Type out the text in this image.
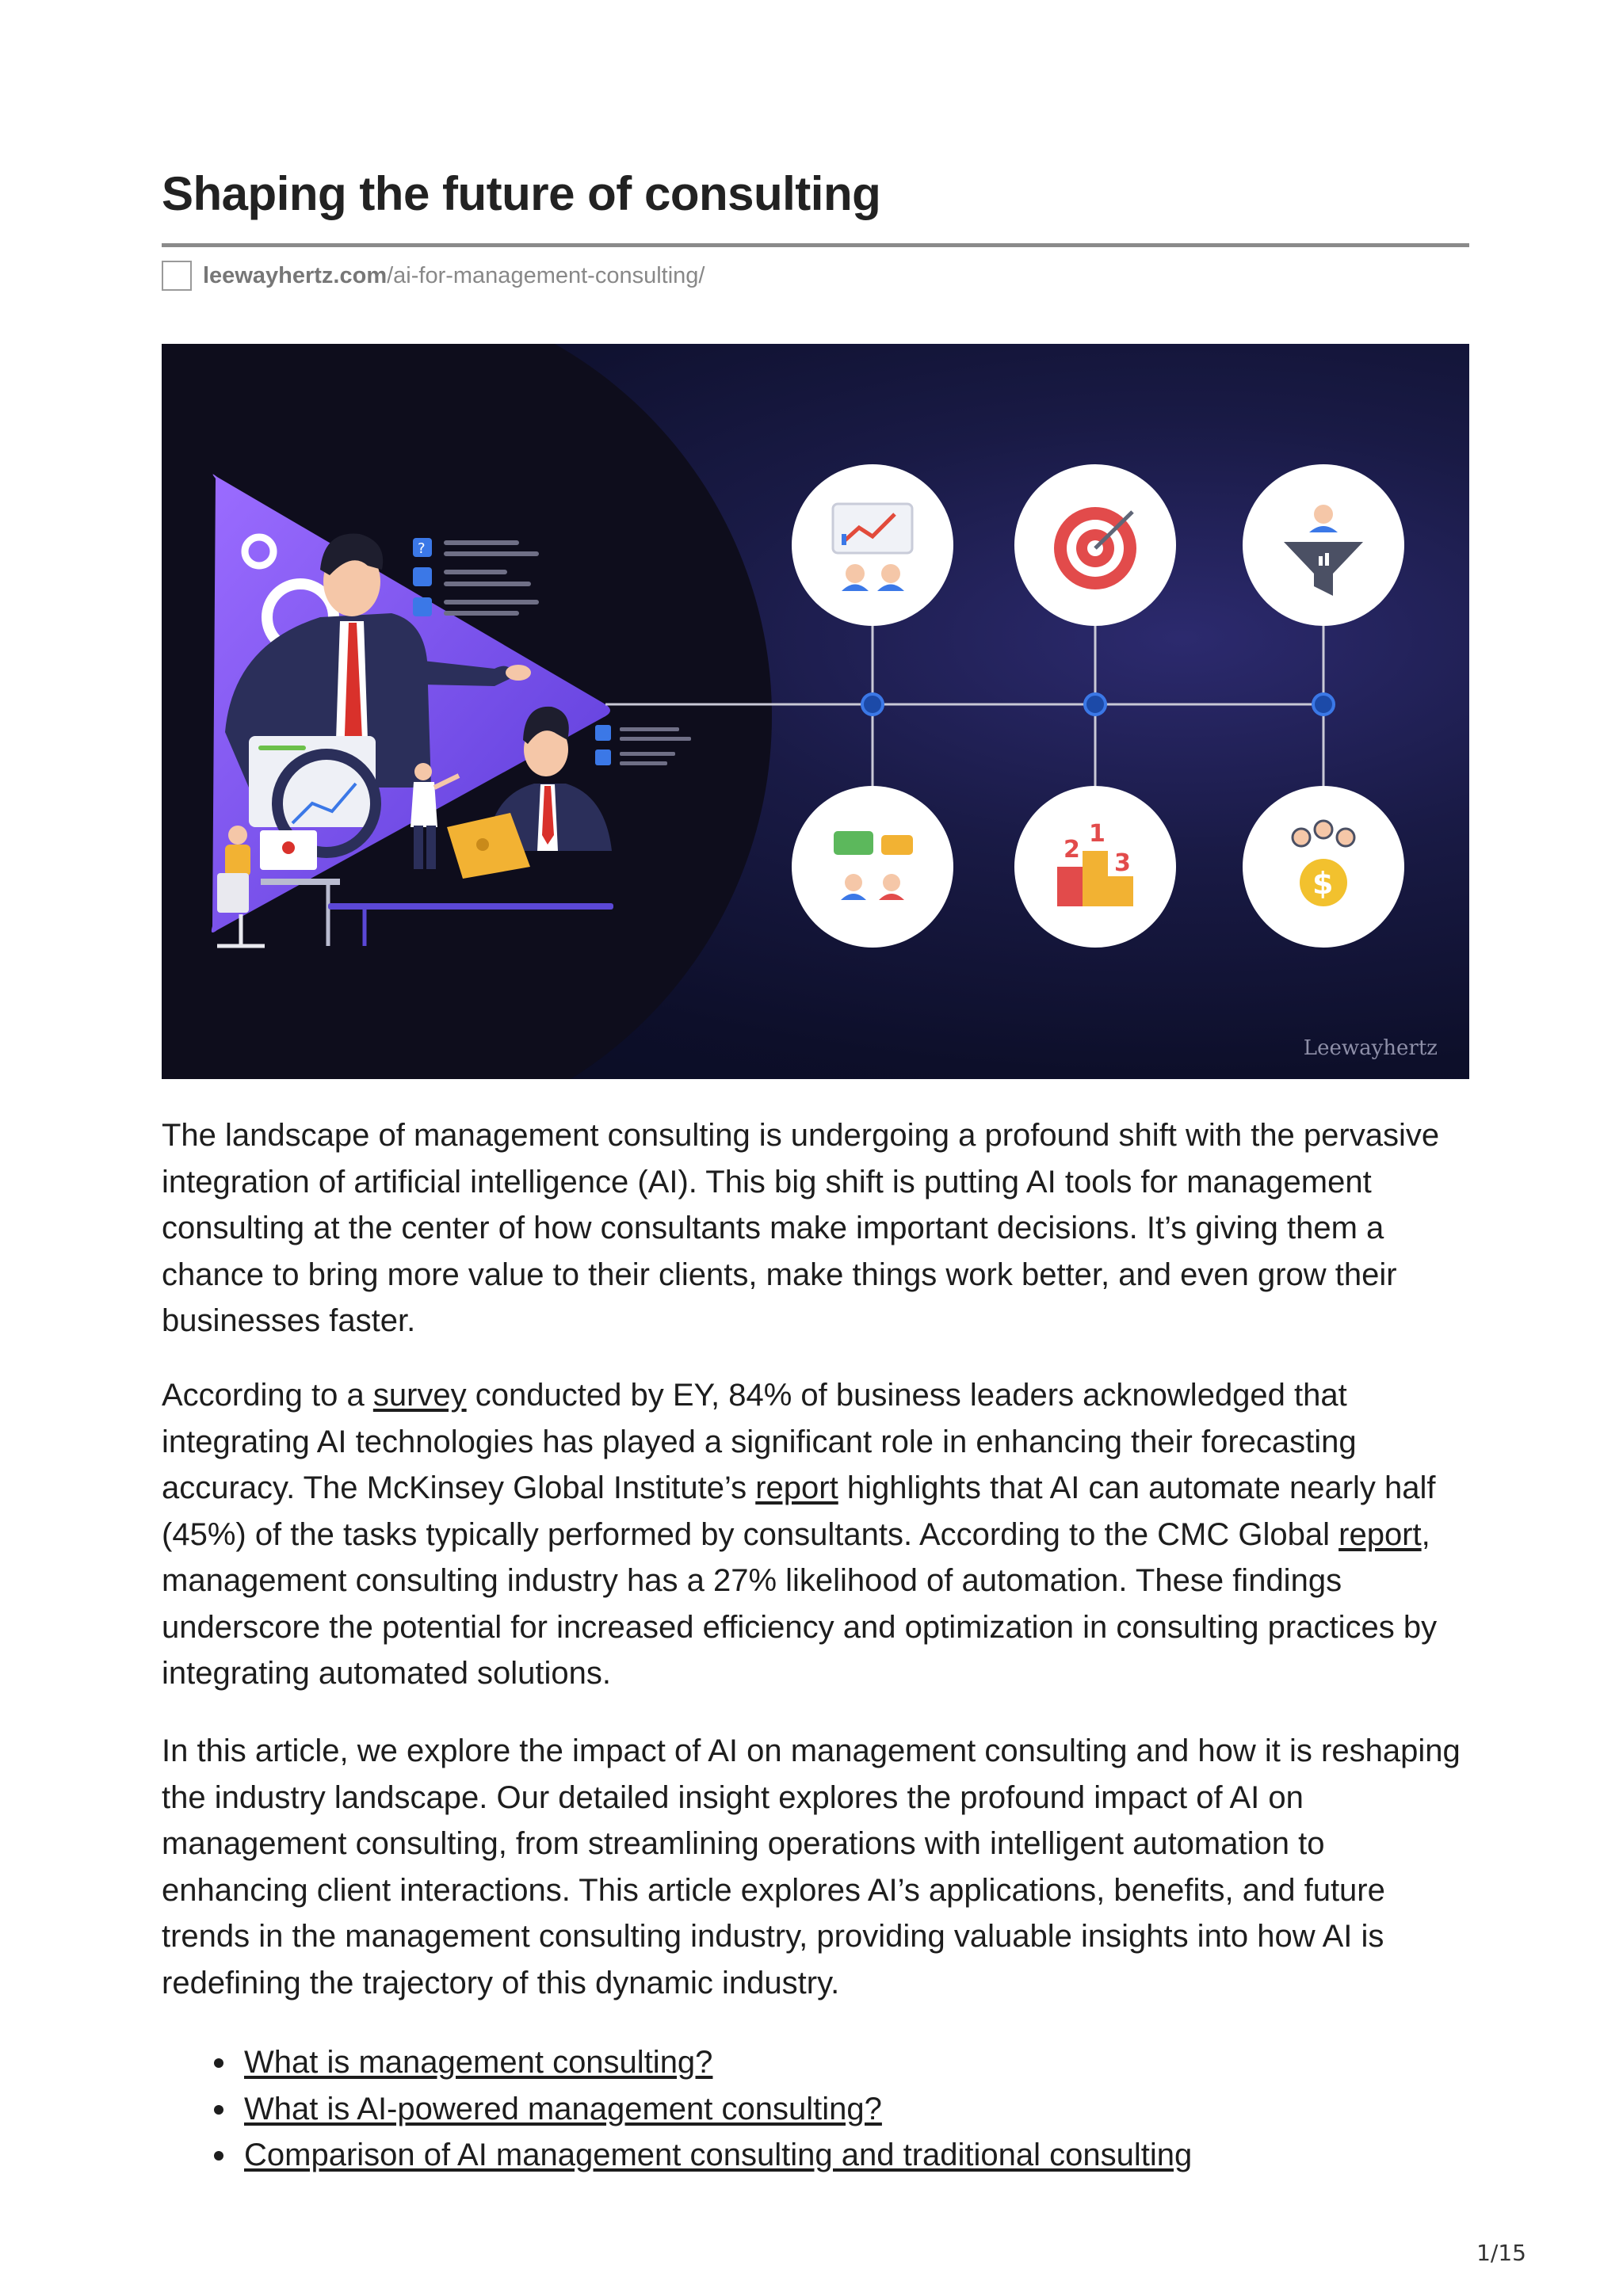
Shaping the future of consulting
leewayhertz.com /ai-for-management-consulting/
?
2
1
3
$
Leewayhertz

The landscape of management consulting is undergoing a profound shift with the pervasive integration of artificial intelligence (AI). This big shift is putting AI tools for management consulting at the center of how consultants make important decisions. It’s giving them a chance to bring more value to their clients, make things work better, and even grow their businesses faster.

According to a survey conducted by EY, 84% of business leaders acknowledged that integrating AI technologies has played a significant role in enhancing their forecasting accuracy. The McKinsey Global Institute’s report highlights that AI can automate nearly half (45%) of the tasks typically performed by consultants. According to the CMC Global report, management consulting industry has a 27% likelihood of automation. These findings underscore the potential for increased efficiency and optimization in consulting practices by integrating automated solutions.

In this article, we explore the impact of AI on management consulting and how it is reshaping the industry landscape. Our detailed insight explores the profound impact of AI on management consulting, from streamlining operations with intelligent automation to enhancing client interactions. This article explores AI’s applications, benefits, and future trends in the management consulting industry, providing valuable insights into how AI is redefining the trajectory of this dynamic industry.

What is management consulting?
What is AI-powered management consulting?
Comparison of AI management consulting and traditional consulting
1/15
